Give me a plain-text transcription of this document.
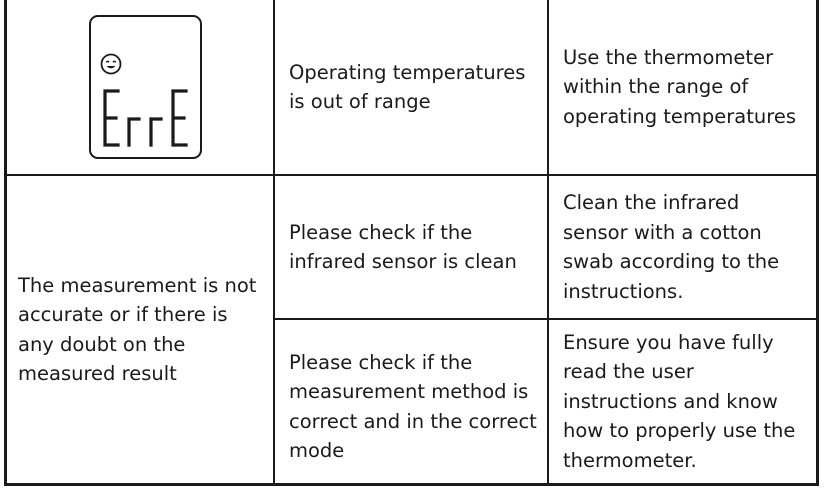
Operating temperatures is out of range
Use the thermometer within the range of operating temperatures
The measurement is not accurate or if there is any doubt on the measured result
Please check if the infrared sensor is clean
Clean the infrared sensor with a cotton swab according to the instructions.
Please check if the measurement method is correct and in the correct mode
Ensure you have fully read the user instructions and know how to properly use the thermometer.
